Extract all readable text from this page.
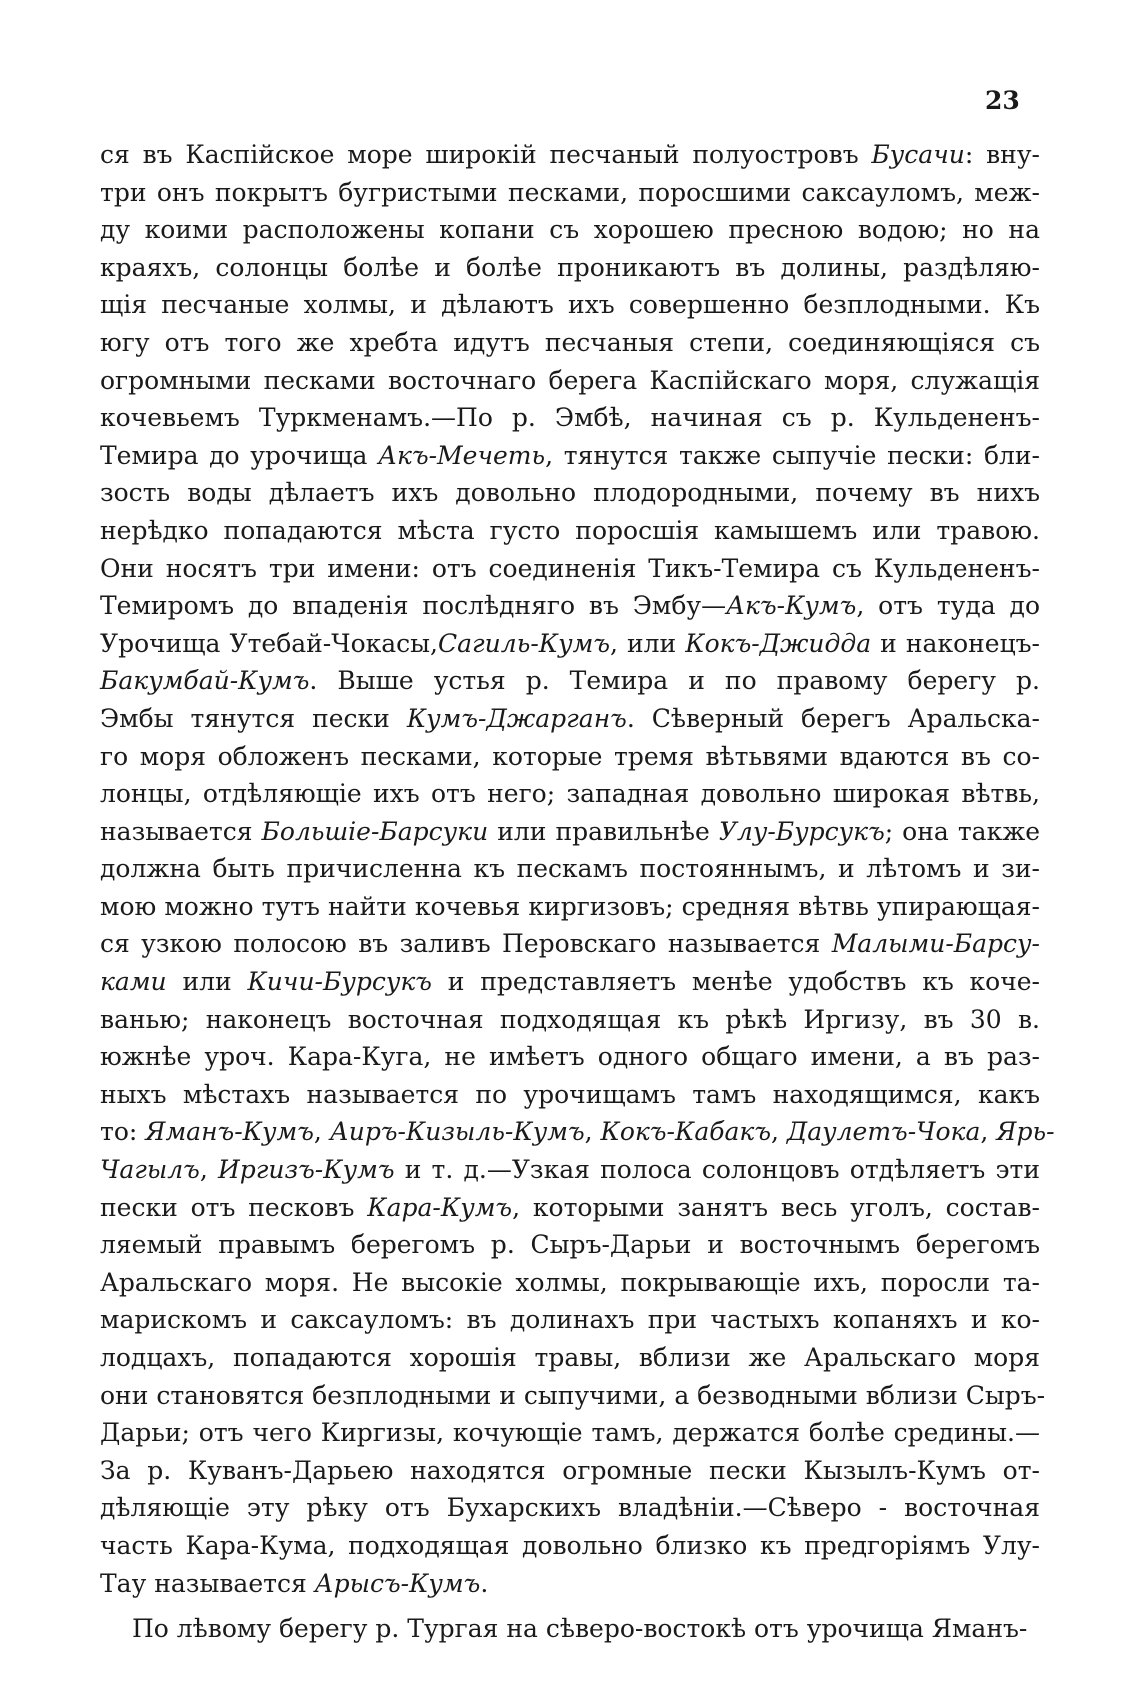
23
ся въ Каспійское море широкій песчаный полуостровъ Бусачи: вну-
три онъ покрытъ бугристыми песками, поросшими саксауломъ, меж-
ду коими расположены копани съ хорошею пресною водою; но на
краяхъ, солонцы болѣе и болѣе проникаютъ въ долины, раздѣляю-
щія песчаные холмы, и дѣлаютъ ихъ совершенно безплодными. Къ
югу отъ того же хребта идутъ песчаныя степи, соединяющіяся съ
огромными песками восточнаго берега Каспійскаго моря, служащія
кочевьемъ Туркменамъ.—По р. Эмбѣ, начиная съ р. Кульдененъ-
Темира до урочища Акъ-Мечеть, тянутся также сыпучіе пески: бли-
зость воды дѣлаетъ ихъ довольно плодородными, почему въ нихъ
нерѣдко попадаются мѣста густо поросшія камышемъ или травою.
Они носятъ три имени: отъ соединенія Тикъ-Темира съ Кульдененъ-
Темиромъ до впаденія послѣдняго въ Эмбу—Акъ-Кумъ, отъ туда до
Урочища Утебай-Чокасы,Сагиль-Кумъ, или Кокъ-Джидда и наконецъ-
Бакумбай-Кумъ. Выше устья р. Темира и по правому берегу р.
Эмбы тянутся пески Кумъ-Джарганъ. Сѣверный берегъ Аральска-
го моря обложенъ песками, которые тремя вѣтьвями вдаются въ со-
лонцы, отдѣляющіе ихъ отъ него; западная довольно широкая вѣтвь,
называется Большіе-Барсуки или правильнѣе Улу-Бурсукъ; она также
должна быть причисленна къ пескамъ постояннымъ, и лѣтомъ и зи-
мою можно тутъ найти кочевья киргизовъ; средняя вѣтвь упирающая-
ся узкою полосою въ заливъ Перовскаго называется Малыми-Барсу-
ками или Кичи-Бурсукъ и представляетъ менѣе удобствъ къ коче-
ванью; наконецъ восточная подходящая къ рѣкѣ Иргизу, въ 30 в.
южнѣе уроч. Кара-Куга, не имѣетъ одного общаго имени, а въ раз-
ныхъ мѣстахъ называется по урочищамъ тамъ находящимся, какъ
то: Яманъ-Кумъ, Аиръ-Кизыль-Кумъ, Кокъ-Кабакъ, Даулетъ-Чока, Ярь-
Чагылъ, Иргизъ-Кумъ и т. д.—Узкая полоса солонцовъ отдѣляетъ эти
пески отъ песковъ Кара-Кумъ, которыми занятъ весь уголъ, состав-
ляемый правымъ берегомъ р. Сыръ-Дарьи и восточнымъ берегомъ
Аральскаго моря. Не высокіе холмы, покрывающіе ихъ, поросли та-
марискомъ и саксауломъ: въ долинахъ при частыхъ копаняхъ и ко-
лодцахъ, попадаются хорошія травы, вблизи же Аральскаго моря
они становятся безплодными и сыпучими, а безводными вблизи Сыръ-
Дарьи; отъ чего Киргизы, кочующіе тамъ, держатся болѣе средины.—
За р. Куванъ-Дарьею находятся огромные пески Кызылъ-Кумъ от-
дѣляющіе эту рѣку отъ Бухарскихъ владѣніи.—Сѣверо - восточная
часть Кара-Кума, подходящая довольно близко къ предгоріямъ Улу-
Тау называется Арысъ-Кумъ.
По лѣвому берегу р. Тургая на сѣверо-востокѣ отъ урочища Яманъ-
